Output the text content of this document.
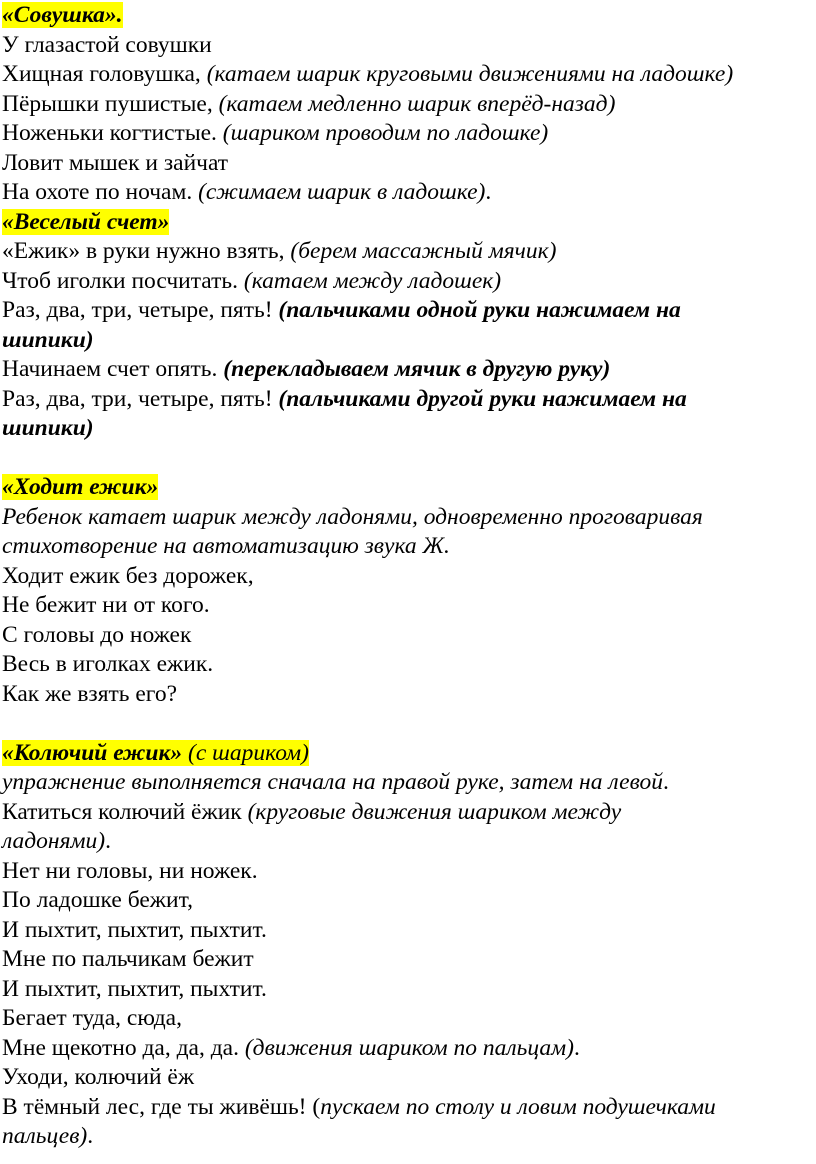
«Совушка».
У глазастой совушки
Хищная головушка, (катаем шарик круговыми движениями на ладошке)
Пёрышки пушистые, (катаем медленно шарик вперёд-назад)
Ноженьки когтистые. (шариком проводим по ладошке)
Ловит мышек и зайчат
На охоте по ночам. (сжимаем шарик в ладошке).
«Веселый счет»
«Ежик» в руки нужно взять, (берем массажный мячик)
Чтоб иголки посчитать. (катаем между ладошек)
Раз, два, три, четыре, пять! (пальчиками одной руки нажимаем на
шипики)
Начинаем счет опять. (перекладываем мячик в другую руку)
Раз, два, три, четыре, пять! (пальчиками другой руки нажимаем на
шипики)
«Ходит ежик»
Ребенок катает шарик между ладонями, одновременно проговаривая
стихотворение на автоматизацию звука Ж.
Ходит ежик без дорожек,
Не бежит ни от кого.
С головы до ножек
Весь в иголках ежик.
Как же взять его?
«Колючий ежик» (с шариком)
упражнение выполняется сначала на правой руке, затем на левой.
Катиться колючий ёжик (круговые движения шариком между
ладонями).
Нет ни головы, ни ножек.
По ладошке бежит,
И пыхтит, пыхтит, пыхтит.
Мне по пальчикам бежит
И пыхтит, пыхтит, пыхтит.
Бегает туда, сюда,
Мне щекотно да, да, да. (движения шариком по пальцам).
Уходи, колючий ёж
В тёмный лес, где ты живёшь! (пускаем по столу и ловим подушечками
пальцев).
